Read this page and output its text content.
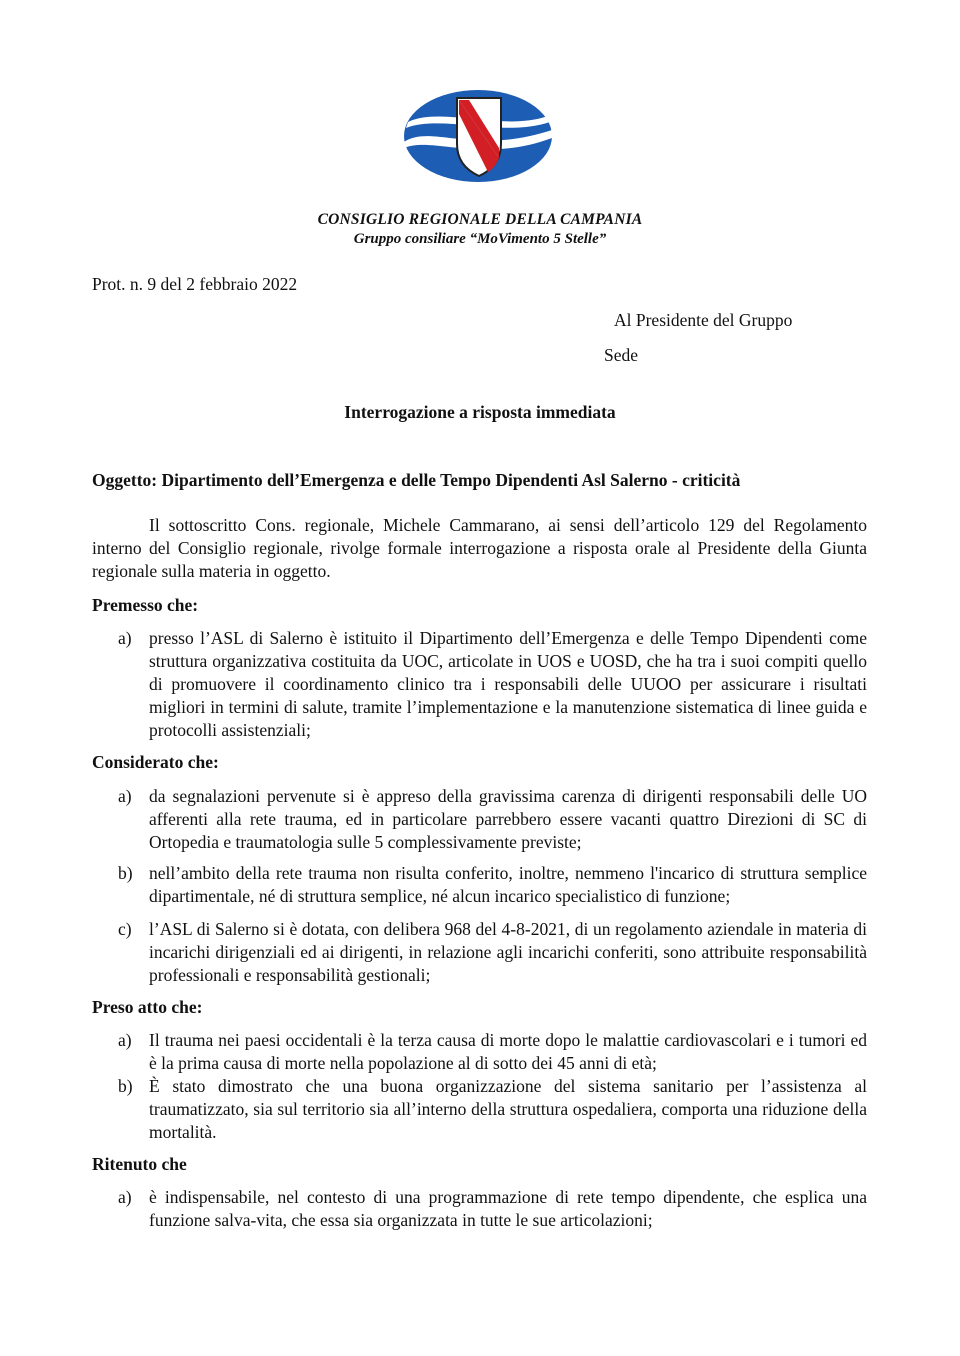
CONSIGLIO REGIONALE DELLA CAMPANIA
Gruppo consiliare “MoVimento 5 Stelle”
Prot. n. 9 del 2 febbraio 2022
Al Presidente del Gruppo
Sede
Interrogazione a risposta immediata
Oggetto: Dipartimento dell’Emergenza e delle Tempo Dipendenti Asl Salerno - criticità
Il sottoscritto Cons. regionale, Michele Cammarano, ai sensi dell’articolo 129 del Regolamento interno del Consiglio regionale, rivolge formale interrogazione a risposta orale al Presidente della Giunta regionale sulla materia in oggetto.
Premesso che:
a) presso l’ASL di Salerno è istituito il Dipartimento dell’Emergenza e delle Tempo Dipendenti come struttura organizzativa costituita da UOC, articolate in UOS e UOSD, che ha tra i suoi compiti quello di promuovere il coordinamento clinico tra i responsabili delle UUOO per assicurare i risultati migliori in termini di salute, tramite l’implementazione e la manutenzione sistematica di linee guida e protocolli assistenziali;
Considerato che:
a) da segnalazioni pervenute si è appreso della gravissima carenza di dirigenti responsabili delle UO afferenti alla rete trauma, ed in particolare parrebbero essere vacanti quattro Direzioni di SC di Ortopedia e traumatologia sulle 5 complessivamente previste;
b) nell’ambito della rete trauma non risulta conferito, inoltre, nemmeno l'incarico di struttura semplice dipartimentale, né di struttura semplice, né alcun incarico specialistico di funzione;
c) l’ASL di Salerno si è dotata, con delibera 968 del 4-8-2021, di un regolamento aziendale in materia di incarichi dirigenziali ed ai dirigenti, in relazione agli incarichi conferiti, sono attribuite responsabilità professionali e responsabilità gestionali;
Preso atto che:
a) Il trauma nei paesi occidentali è la terza causa di morte dopo le malattie cardiovascolari e i tumori ed è la prima causa di morte nella popolazione al di sotto dei 45 anni di età;
b) È stato dimostrato che una buona organizzazione del sistema sanitario per l’assistenza al traumatizzato, sia sul territorio sia all’interno della struttura ospedaliera, comporta una riduzione della mortalità.
Ritenuto che
a) è indispensabile, nel contesto di una programmazione di rete tempo dipendente, che esplica una funzione salva-vita, che essa sia organizzata in tutte le sue articolazioni;
